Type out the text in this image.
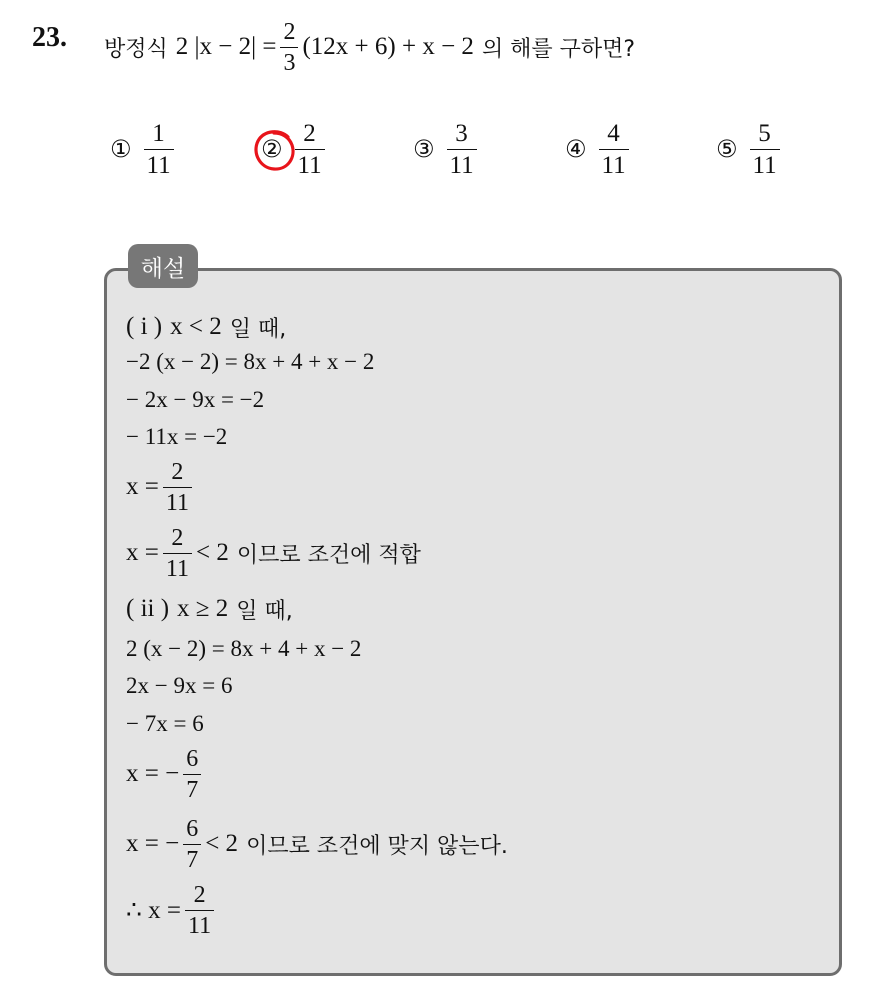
23. 방정식 2 $|x - 2| = \frac{2}{3} (12x + 6) + x - 2$ 의 해를 구하면?
① $\frac{1}{11}$	② $\frac{2}{11}$	③ $\frac{3}{11}$	④ $\frac{4}{11}$	⑤ $\frac{5}{11}$
해설
( i ) x < 2 일 때,
−2 (x − 2) = 8x + 4 + x − 2
− 2x − 9x = −2
− 11x = −2
$x = \frac{2}{11}$
$x = \frac{2}{11} < 2$ 이므로 조건에 적합
( ii ) x ≥ 2 일 때,
2 (x − 2) = 8x + 4 + x − 2
2x − 9x = 6
− 7x = 6
x = − $\frac{6}{7}$
x = − $\frac{6}{7} < 2$ 이므로 조건에 맞지 않는다.
∴ $x = \frac{2}{11}$
